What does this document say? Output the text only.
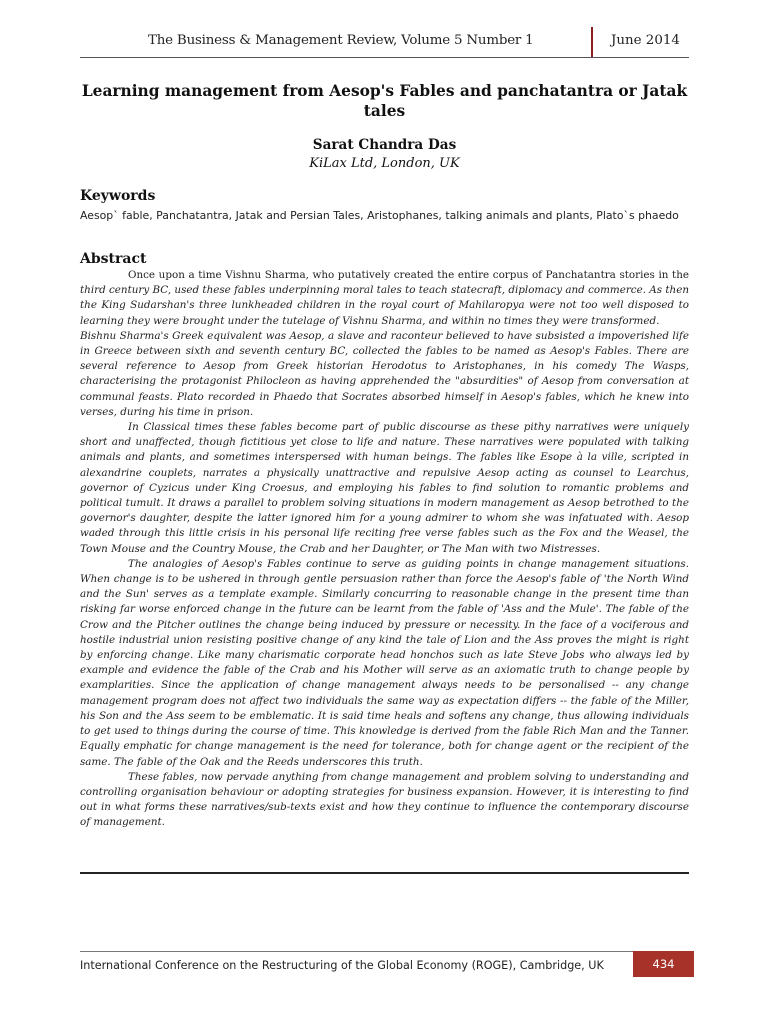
The Business & Management Review, Volume 5 Number 1	June 2014
Learning management from Aesop's Fables and panchatantra or Jatak tales
Sarat Chandra Das
KiLax Ltd, London, UK
Keywords
Aesop` fable, Panchatantra, Jatak and Persian Tales, Aristophanes, talking animals and plants, Plato`s phaedo
Abstract

Once upon a time Vishnu Sharma, who putatively created the entire corpus of Panchatantra stories in the third century BC, used these fables underpinning moral tales to teach statecraft, diplomacy and commerce. As then the King Sudarshan's three lunkheaded children in the royal court of Mahilaropya were not too well disposed to learning they were brought under the tutelage of Vishnu Sharma, and within no times they were transformed.

Bishnu Sharma's Greek equivalent was Aesop, a slave and raconteur believed to have subsisted a impoverished life in Greece between sixth and seventh century BC, collected the fables to be named as Aesop's Fables. There are several reference to Aesop from Greek historian Herodotus to Aristophanes, in his comedy The Wasps, characterising the protagonist Philocleon as having apprehended the "absurdities" of Aesop from conversation at communal feasts. Plato recorded in Phaedo that Socrates absorbed himself in Aesop's fables, which he knew into verses, during his time in prison.

In Classical times these fables become part of public discourse as these pithy narratives were uniquely short and unaffected, though fictitious yet close to life and nature. These narratives were populated with talking animals and plants, and sometimes interspersed with human beings. The fables like Esope à la ville, scripted in alexandrine couplets, narrates a physically unattractive and repulsive Aesop acting as counsel to Learchus, governor of Cyzicus under King Croesus, and employing his fables to find solution to romantic problems and political tumult. It draws a parallel to problem solving situations in modern management as Aesop betrothed to the governor's daughter, despite the latter ignored him for a young admirer to whom she was infatuated with. Aesop waded through this little crisis in his personal life reciting free verse fables such as the Fox and the Weasel, the Town Mouse and the Country Mouse, the Crab and her Daughter, or The Man with two Mistresses.

The analogies of Aesop's Fables continue to serve as guiding points in change management situations. When change is to be ushered in through gentle persuasion rather than force the Aesop's fable of 'the North Wind and the Sun' serves as a template example. Similarly concurring to reasonable change in the present time than risking far worse enforced change in the future can be learnt from the fable of 'Ass and the Mule'. The fable of the Crow and the Pitcher outlines the change being induced by pressure or necessity. In the face of a vociferous and hostile industrial union resisting positive change of any kind the tale of Lion and the Ass proves the might is right by enforcing change. Like many charismatic corporate head honchos such as late Steve Jobs who always led by example and evidence the fable of the Crab and his Mother will serve as an axiomatic truth to change people by examplarities. Since the application of change management always needs to be personalised -- any change management program does not affect two individuals the same way as expectation differs -- the fable of the Miller, his Son and the Ass seem to be emblematic. It is said time heals and softens any change, thus allowing individuals to get used to things during the course of time. This knowledge is derived from the fable Rich Man and the Tanner. Equally emphatic for change management is the need for tolerance, both for change agent or the recipient of the same. The fable of the Oak and the Reeds underscores this truth.

These fables, now pervade anything from change management and problem solving to understanding and controlling organisation behaviour or adopting strategies for business expansion. However, it is interesting to find out in what forms these narratives/sub-texts exist and how they continue to influence the contemporary discourse of management.

International Conference on the Restructuring of the Global Economy (ROGE), Cambridge, UK	434
